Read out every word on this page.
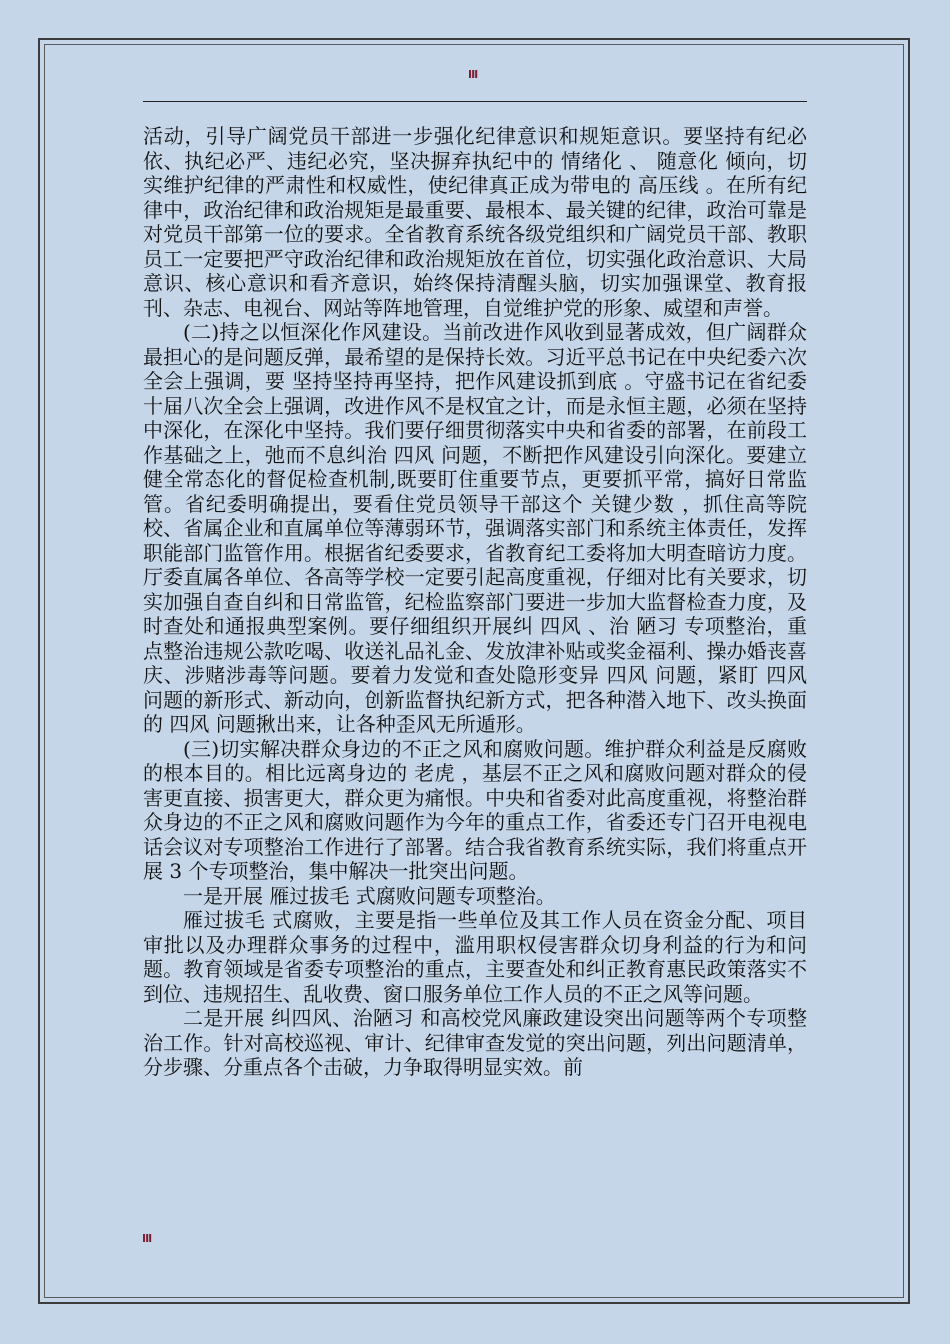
III

活动，引导广阔党员干部进一步强化纪律意识和规矩意识。要坚持有纪必依、执纪必严、违纪必究，坚决摒弃执纪中的 情绪化 、 随意化 倾向，切实维护纪律的严肃性和权威性，使纪律真正成为带电的 高压线 。在所有纪律中，政治纪律和政治规矩是最重要、最根本、最关键的纪律，政治可靠是对党员干部第一位的要求。全省教育系统各级党组织和广阔党员干部、教职员工一定要把严守政治纪律和政治规矩放在首位，切实强化政治意识、大局意识、核心意识和看齐意识，始终保持清醒头脑，切实加强课堂、教育报刊、杂志、电视台、网站等阵地管理，自觉维护党的形象、威望和声誉。

(二)持之以恒深化作风建设。当前改进作风收到显著成效，但广阔群众最担心的是问题反弹，最希望的是保持长效。习近平总书记在中央纪委六次全会上强调，要 坚持坚持再坚持，把作风建设抓到底 。守盛书记在省纪委十届八次全会上强调，改进作风不是权宜之计，而是永恒主题，必须在坚持中深化，在深化中坚持。我们要仔细贯彻落实中央和省委的部署，在前段工作基础之上，弛而不息纠治 四风 问题，不断把作风建设引向深化。要建立健全常态化的督促检查机制,既要盯住重要节点，更要抓平常，搞好日常监管。省纪委明确提出，要看住党员领导干部这个 关键少数 ，抓住高等院校、省属企业和直属单位等薄弱环节，强调落实部门和系统主体责任，发挥职能部门监管作用。根据省纪委要求，省教育纪工委将加大明查暗访力度。厅委直属各单位、各高等学校一定要引起高度重视，仔细对比有关要求，切实加强自查自纠和日常监管，纪检监察部门要进一步加大监督检查力度，及时查处和通报典型案例。要仔细组织开展纠 四风 、治 陋习 专项整治，重点整治违规公款吃喝、收送礼品礼金、发放津补贴或奖金福利、操办婚丧喜庆、涉赌涉毒等问题。要着力发觉和查处隐形变异 四风 问题，紧盯 四风 问题的新形式、新动向，创新监督执纪新方式，把各种潜入地下、改头换面的 四风 问题揪出来，让各种歪风无所遁形。

(三)切实解决群众身边的不正之风和腐败问题。维护群众利益是反腐败的根本目的。相比远离身边的 老虎 ，基层不正之风和腐败问题对群众的侵害更直接、损害更大，群众更为痛恨。中央和省委对此高度重视，将整治群众身边的不正之风和腐败问题作为今年的重点工作，省委还专门召开电视电话会议对专项整治工作进行了部署。结合我省教育系统实际，我们将重点开展 3 个专项整治，集中解决一批突出问题。

一是开展 雁过拔毛 式腐败问题专项整治。

雁过拔毛 式腐败，主要是指一些单位及其工作人员在资金分配、项目审批以及办理群众事务的过程中，滥用职权侵害群众切身利益的行为和问题。教育领域是省委专项整治的重点，主要查处和纠正教育惠民政策落实不到位、违规招生、乱收费、窗口服务单位工作人员的不正之风等问题。

二是开展 纠四风、治陋习 和高校党风廉政建设突出问题等两个专项整治工作。针对高校巡视、审计、纪律审查发觉的突出问题，列出问题清单，分步骤、分重点各个击破，力争取得明显实效。前

III
